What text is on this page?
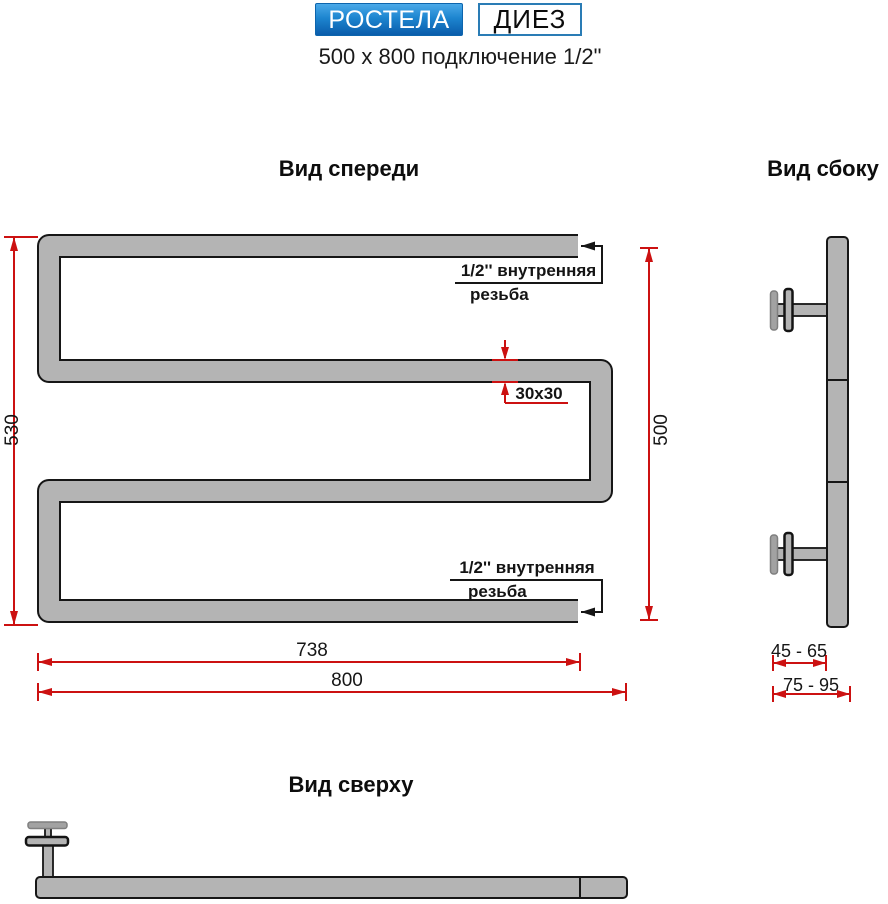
РОСТЕЛА	ДИЕЗ
500 x 800 подключение 1/2"
Вид спереди	Вид сбоку
Вид сверху
530	500
738
800
30x30
1/2'' внутренняя
резьба
1/2'' внутренняя
резьба
45 - 65
75 - 95
